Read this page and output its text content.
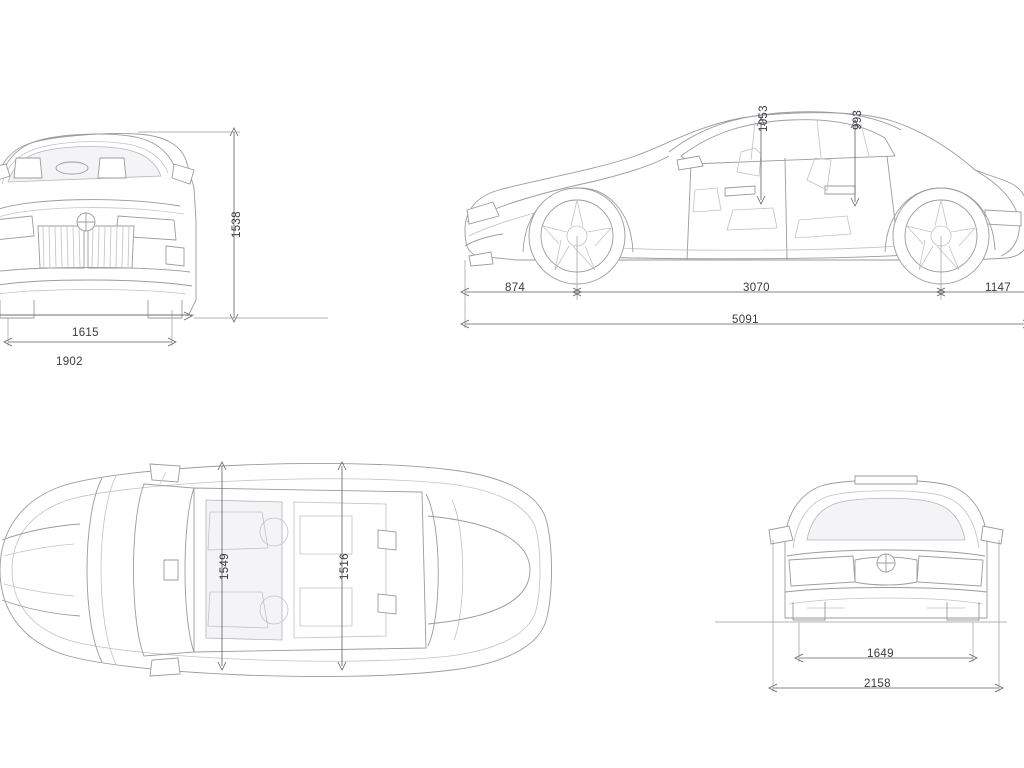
1538
1615
1902
1053	993
874	3070	1147
5091
1549	1516
1649
2158
